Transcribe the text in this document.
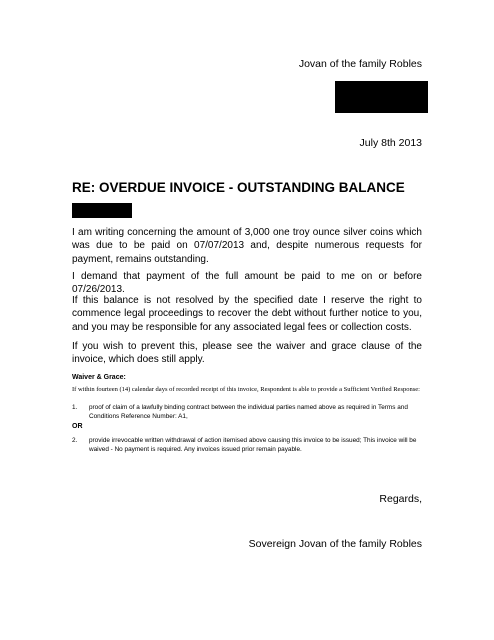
Jovan of the family Robles
July 8th 2013
RE: OVERDUE INVOICE - OUTSTANDING BALANCE
I am writing concerning the amount of 3,000 one troy ounce silver coins which was due to be paid on 07/07/2013 and, despite numerous requests for payment, remains outstanding.
I demand that payment of the full amount be paid to me on or before 07/26/2013.
If this balance is not resolved by the specified date I reserve the right to commence legal proceedings to recover the debt without further notice to you, and you may be responsible for any associated legal fees or collection costs.
If you wish to prevent this, please see the waiver and grace clause of the invoice, which does still apply.
Waiver & Grace:
If within fourteen (14) calendar days of recorded receipt of this invoice, Respondent is able to provide a Sufficient Verified Response:
1.	proof of claim of a lawfully binding contract between the individual parties named above as required in Terms and Conditions Reference Number: A1,
OR
2.	provide irrevocable written withdrawal of action itemised above causing this invoice to be issued; This invoice will be waived - No payment is required. Any invoices issued prior remain payable.
Regards,
Sovereign Jovan of the family Robles
